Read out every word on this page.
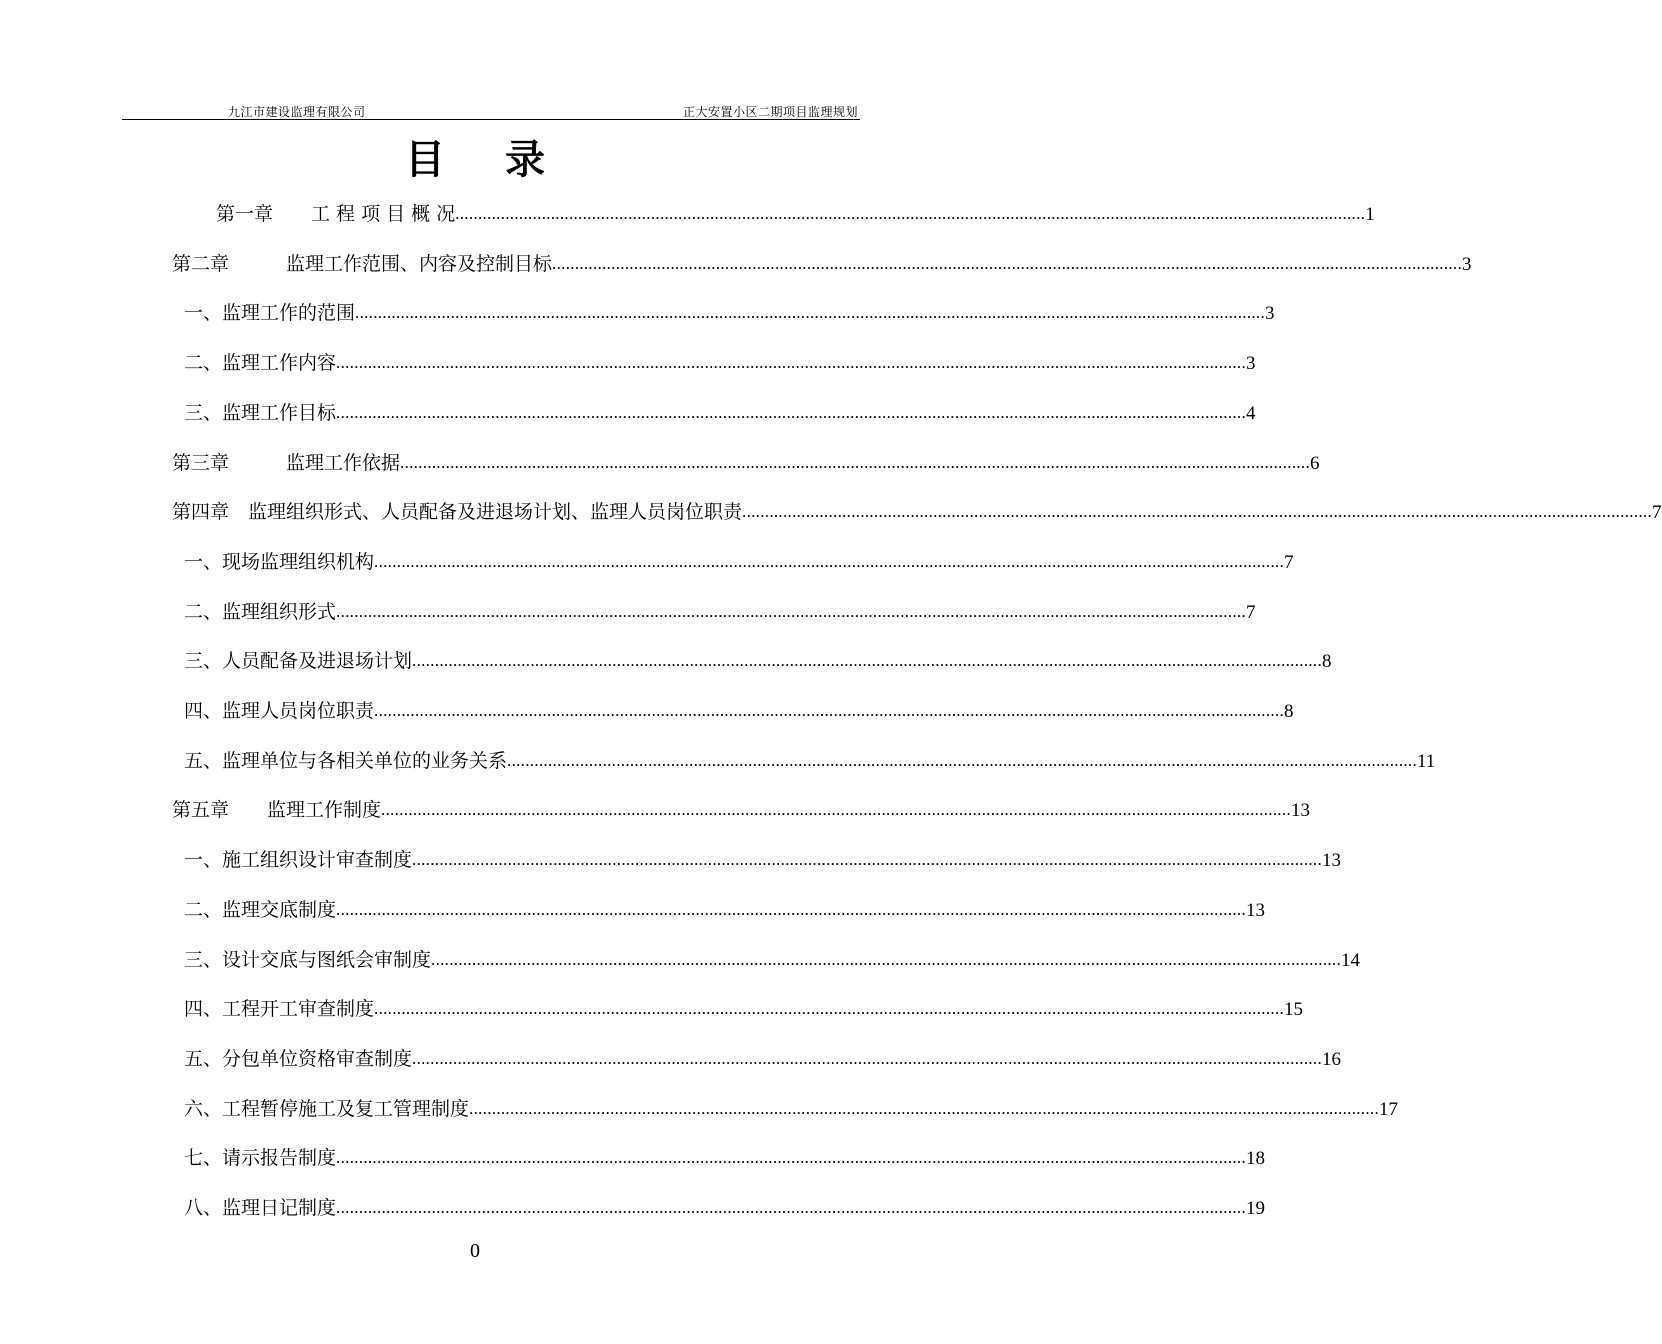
九江市建设监理有限公司	正大安置小区二期项目监理规划
目录
第一章　　工 程 项 目 概 况 ........................................................................................................................................................................................................ 1
第二章　　　监理工作范围、内容及控制目标 ........................................................................................................................................................................................................ 3
一、监理工作的范围 ........................................................................................................................................................................................................ 3
二、监理工作内容 ........................................................................................................................................................................................................ 3
三、监理工作目标 ........................................................................................................................................................................................................ 4
第三章　　　监理工作依据 ........................................................................................................................................................................................................ 6
第四章　监理组织形式、人员配备及进退场计划、监理人员岗位职责 ........................................................................................................................................................................................................ 7
一、现场监理组织机构 ........................................................................................................................................................................................................ 7
二、监理组织形式 ........................................................................................................................................................................................................ 7
三、人员配备及进退场计划 ........................................................................................................................................................................................................ 8
四、监理人员岗位职责 ........................................................................................................................................................................................................ 8
五、监理单位与各相关单位的业务关系 ........................................................................................................................................................................................................ 11
第五章　　监理工作制度 ........................................................................................................................................................................................................ 13
一、施工组织设计审查制度 ........................................................................................................................................................................................................ 13
二、监理交底制度 ........................................................................................................................................................................................................ 13
三、设计交底与图纸会审制度 ........................................................................................................................................................................................................ 14
四、工程开工审查制度 ........................................................................................................................................................................................................ 15
五、分包单位资格审查制度 ........................................................................................................................................................................................................ 16
六、工程暂停施工及复工管理制度 ........................................................................................................................................................................................................ 17
七、请示报告制度 ........................................................................................................................................................................................................ 18
八、监理日记制度 ........................................................................................................................................................................................................ 19
0
